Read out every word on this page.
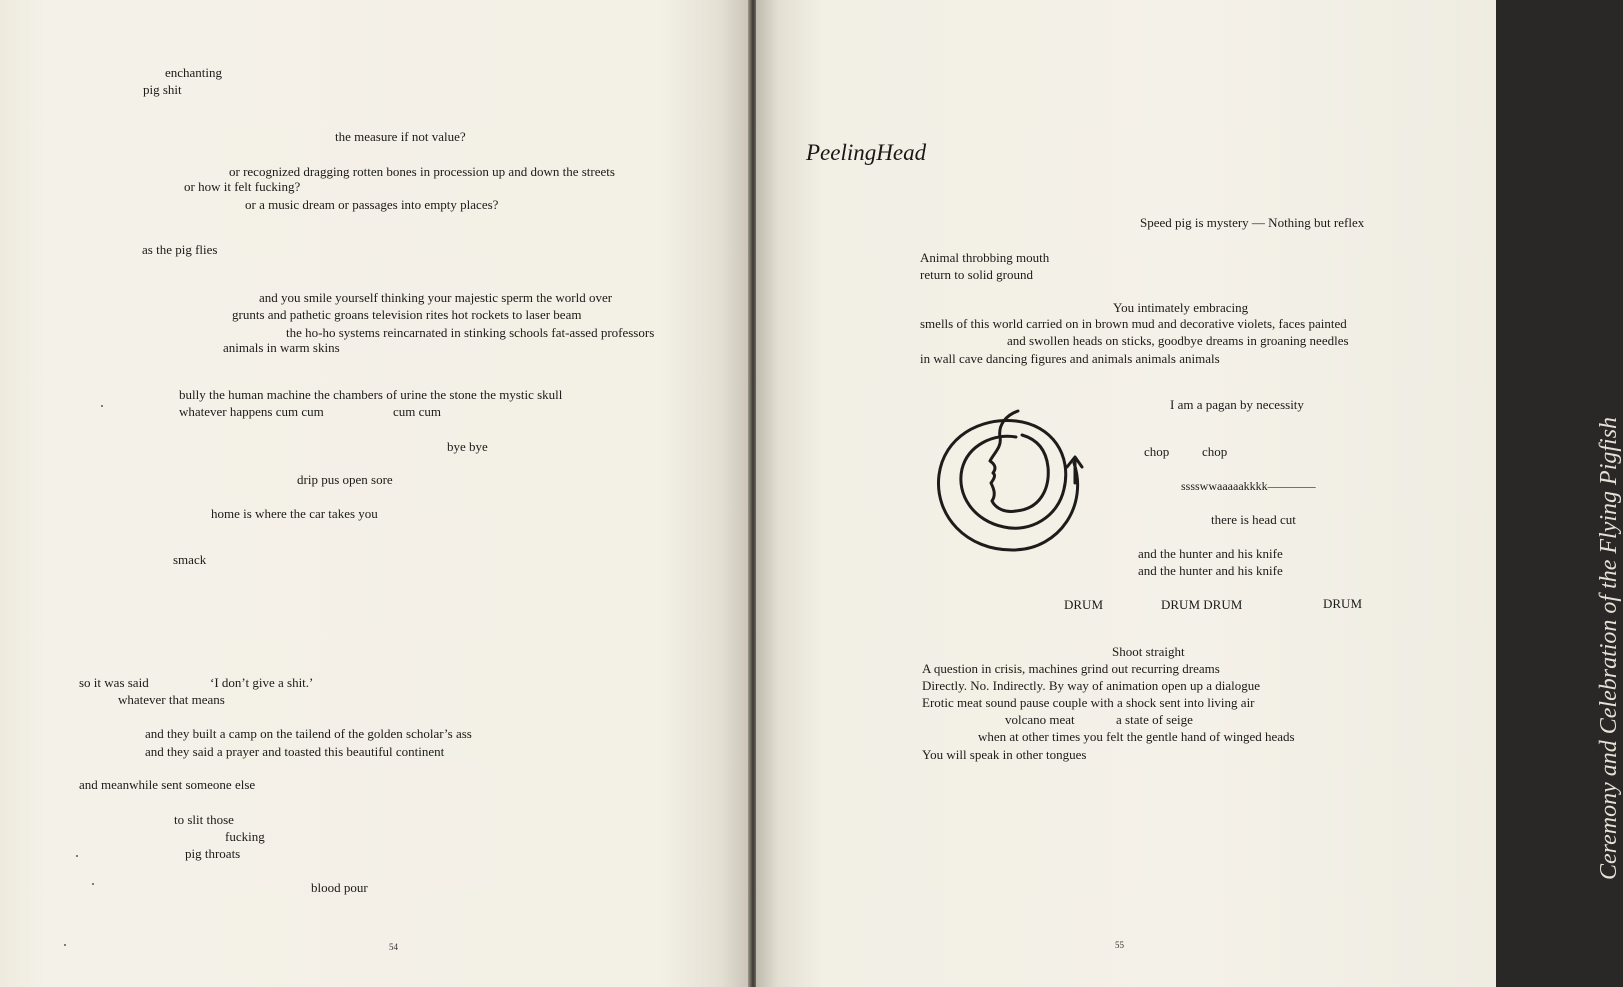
enchanting
pig shit
the measure if not value?
or recognized dragging rotten bones in procession up and down the streets
or how it felt fucking?
or a music dream or passages into empty places?
as the pig flies
and you smile yourself thinking your majestic sperm the world over
grunts and pathetic groans television rites hot rockets to laser beam
the ho-ho systems reincarnated in stinking schools fat-assed professors
animals in warm skins
bully the human machine the chambers of urine the stone the mystic skull
whatever happens cum cum	cum cum
bye bye
drip pus open sore
home is where the car takes you
smack
so it was said	‘I don’t give a shit.’
whatever that means
and they built a camp on the tailend of the golden scholar’s ass
and they said a prayer and toasted this beautiful continent
and meanwhile sent someone else
to slit those
fucking
pig throats
blood pour
54
PeelingHead
Speed pig is mystery — Nothing but reflex
Animal throbbing mouth
return to solid ground
You intimately embracing
smells of this world carried on in brown mud and decorative violets, faces painted
and swollen heads on sticks, goodbye dreams in groaning needles
in wall cave dancing figures and animals animals animals
I am a pagan by necessity
chop	chop
sssswwaaaaakkkk————
there is head cut
and the hunter and his knife
and the hunter and his knife
DRUM	DRUM DRUM	DRUM
Shoot straight
A question in crisis, machines grind out recurring dreams
Directly. No. Indirectly. By way of animation open up a dialogue
Erotic meat sound pause couple with a shock sent into living air
volcano meat	a state of seige
when at other times you felt the gentle hand of winged heads
You will speak in other tongues	Ceremony and Celebration of the Flying Pigfish
55
